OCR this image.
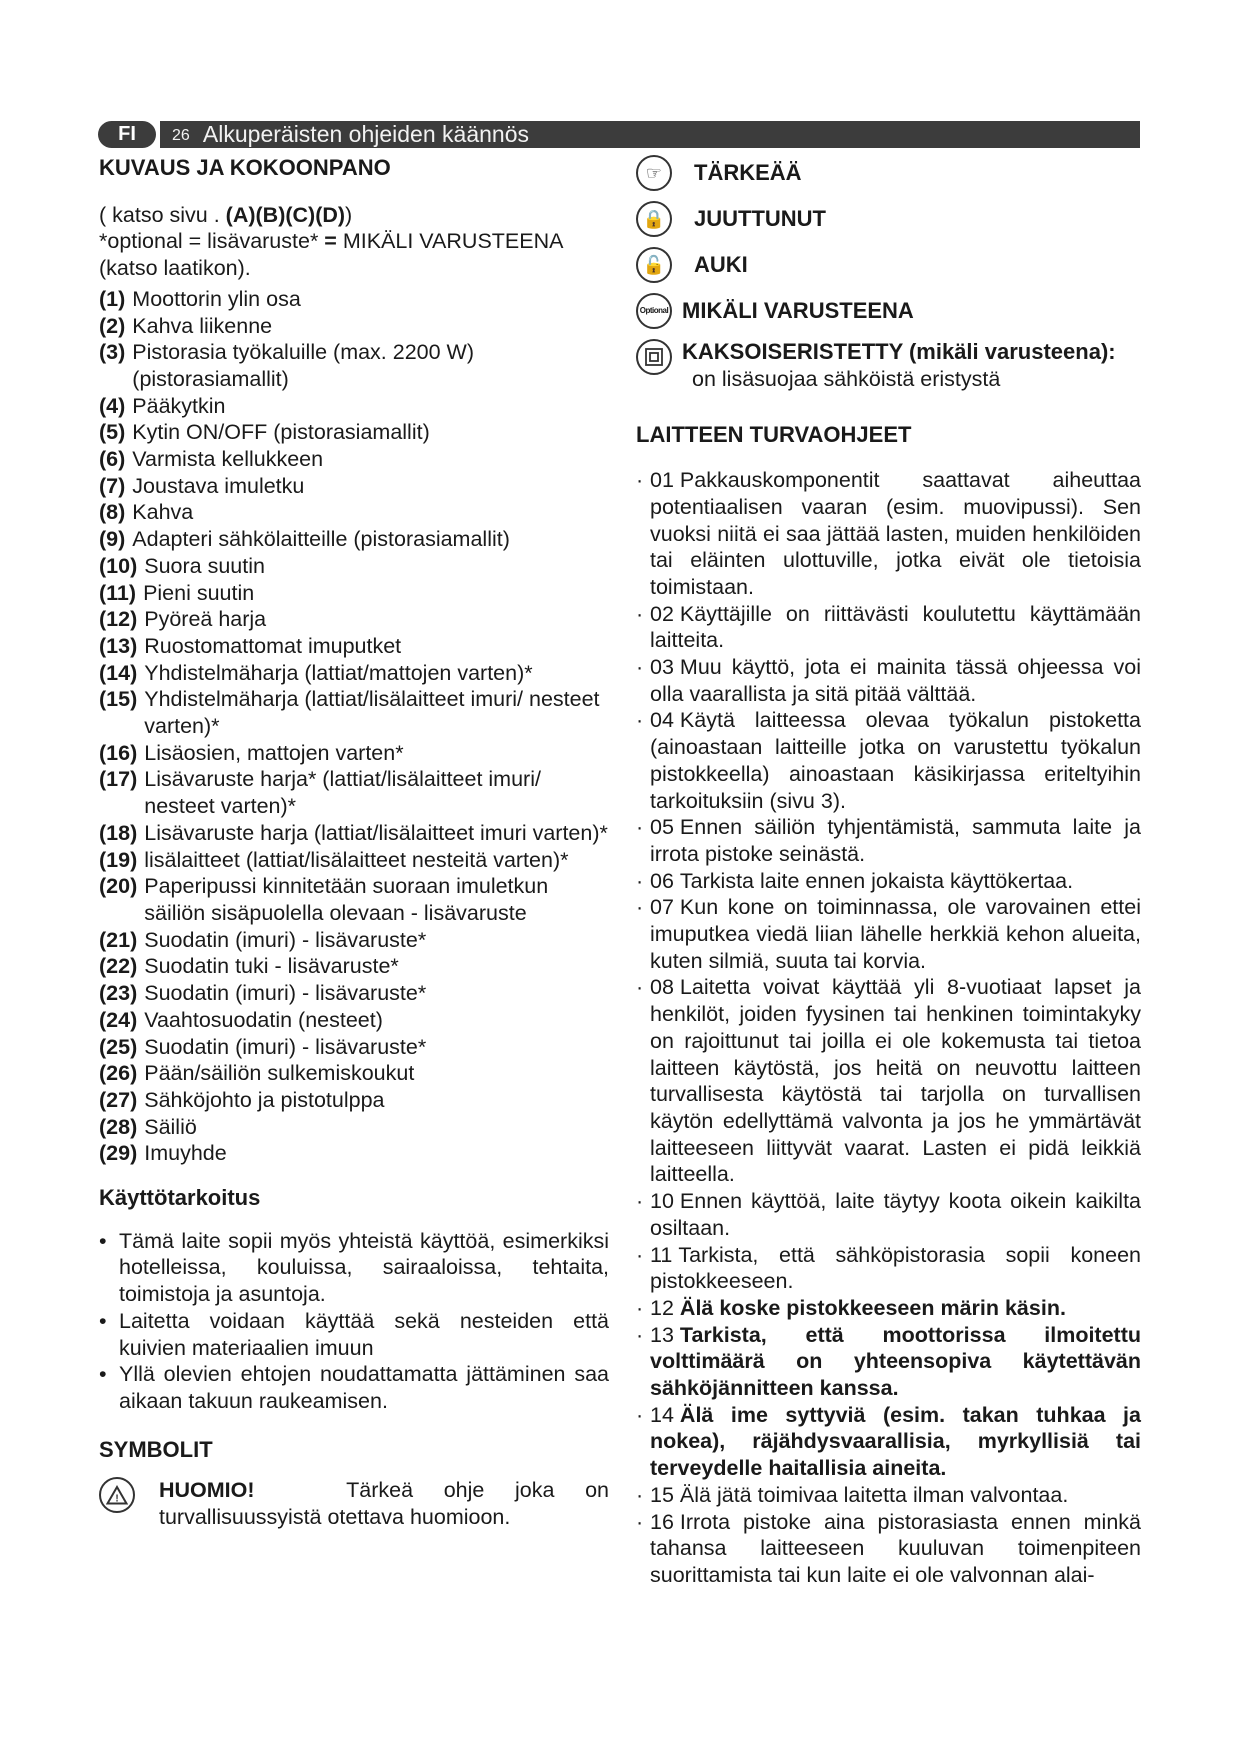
FI	26 Alkuperäisten ohjeiden käännös
KUVAUS JA KOKOONPANO
( katso sivu . (A)(B)(C)(D))
*optional = lisävaruste* = MIKÄLI VARUSTEENA (katso laatikon).
(1) Moottorin ylin osa
(2) Kahva liikenne
(3) Pistorasia työkaluille (max. 2200 W) (pistorasiamallit)
(4) Pääkytkin
(5) Kytin ON/OFF (pistorasiamallit)
(6) Varmista kellukkeen
(7) Joustava imuletku
(8) Kahva
(9) Adapteri sähkölaitteille (pistorasiamallit)
(10) Suora suutin
(11) Pieni suutin
(12) Pyöreä harja
(13) Ruostomattomat imuputket
(14) Yhdistelmäharja (lattiat/mattojen varten)*
(15) Yhdistelmäharja (lattiat/lisälaitteet imuri/ nesteet varten)*
(16) Lisäosien, mattojen varten*
(17) Lisävaruste harja* (lattiat/lisälaitteet imuri/ nesteet varten)*
(18) Lisävaruste harja (lattiat/lisälaitteet imuri varten)*
(19) lisälaitteet (lattiat/lisälaitteet nesteitä varten)*
(20) Paperipussi kinnitetään suoraan imuletkun säiliön sisäpuolella olevaan - lisävaruste
(21) Suodatin (imuri) - lisävaruste*
(22) Suodatin tuki - lisävaruste*
(23) Suodatin (imuri) - lisävaruste*
(24) Vaahtosuodatin (nesteet)
(25) Suodatin (imuri) - lisävaruste*
(26) Pään/säiliön sulkemiskoukut
(27) Sähköjohto ja pistotulppa
(28) Säiliö
(29) Imuyhde
Käyttötarkoitus
• Tämä laite sopii myös yhteistä käyttöä, esimerkiksi hotelleissa, kouluissa, sairaaloissa, tehtaita, toimistoja ja asuntoja.
• Laitetta voidaan käyttää sekä nesteiden että kuivien materiaalien imuun
• Yllä olevien ehtojen noudattamatta jättäminen saa aikaan takuun raukeamisen.
SYMBOLIT
! HUOMIO!	Tärkeä ohje joka on turvallisuussyistä otettava huomioon.
☞	TÄRKEÄÄ
🔒	JUUTTUNUT
🔓	AUKI
Optional MIKÄLI VARUSTEENA
KAKSOISERISTETTY (mikäli varusteena):
on lisäsuojaa sähköistä eristystä
LAITTEEN TURVAOHJEET
· 01 Pakkauskomponentit saattavat aiheuttaa potentiaalisen vaaran (esim. muovipussi). Sen vuoksi niitä ei saa jättää lasten, muiden henkilöiden tai eläinten ulottuville, jotka eivät ole tietoisia toimistaan.
· 02 Käyttäjille on riittävästi koulutettu käyttämään laitteita.
· 03 Muu käyttö, jota ei mainita tässä ohjeessa voi olla vaarallista ja sitä pitää välttää.
· 04 Käytä laitteessa olevaa työkalun pistoketta (ainoastaan laitteille jotka on varustettu työkalun pistokkeella) ainoastaan käsikirjassa eriteltyihin tarkoituksiin (sivu 3).
· 05 Ennen säiliön tyhjentämistä, sammuta laite ja irrota pistoke seinästä.
· 06 Tarkista laite ennen jokaista käyttökertaa.
· 07 Kun kone on toiminnassa, ole varovainen ettei imuputkea viedä liian lähelle herkkiä kehon alueita, kuten silmiä, suuta tai korvia.
· 08 Laitetta voivat käyttää yli 8-vuotiaat lapset ja henkilöt, joiden fyysinen tai henkinen toimintakyky on rajoittunut tai joilla ei ole kokemusta tai tietoa laitteen käytöstä, jos heitä on neuvottu laitteen turvallisesta käytöstä tai tarjolla on turvallisen käytön edellyttämä valvonta ja jos he ymmärtävät laitteeseen liittyvät vaarat. Lasten ei pidä leikkiä laitteella.
· 10 Ennen käyttöä, laite täytyy koota oikein kaikilta osiltaan.
· 11 Tarkista, että sähköpistorasia sopii koneen pistokkeeseen.
· 12 Älä koske pistokkeeseen märin käsin.
· 13 Tarkista, että moottorissa ilmoitettu volttimäärä on yhteensopiva käytettävän sähköjännitteen kanssa.
· 14 Älä ime syttyviä (esim. takan tuhkaa ja nokea), räjähdysvaarallisia, myrkyllisiä tai terveydelle haitallisia aineita.
· 15 Älä jätä toimivaa laitetta ilman valvontaa.
· 16 Irrota pistoke aina pistorasiasta ennen minkä tahansa laitteeseen kuuluvan toimenpiteen suorittamista tai kun laite ei ole valvonnan alai-
